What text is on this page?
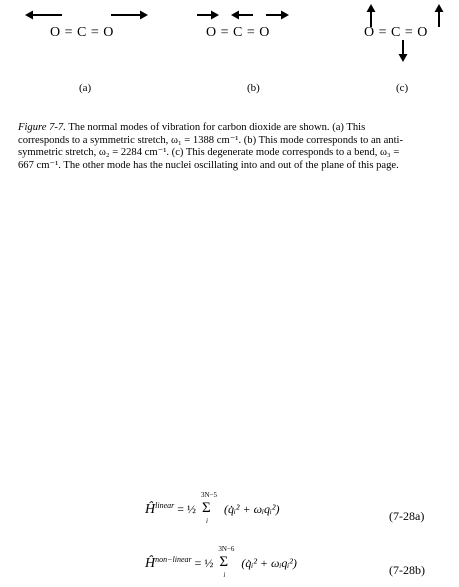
O = C = O
(a)
O = C = O
(b)
O = C = O
(c)
Figure 7-7. The normal modes of vibration for carbon dioxide are shown. (a) This
corresponds to a symmetric stretch, ω₁ = 1388 cm⁻¹. (b) This mode corresponds to an anti-
symmetric stretch, ω₂ = 2284 cm⁻¹. (c) This degenerate mode corresponds to a bend, ω₃ =
667 cm⁻¹. The other mode has the nuclei oscillating into and out of the plane of this page.
$Ĥ^{linear}$ = ½
3N−5
Σ
i
(q̇ᵢ² + ωᵢqᵢ²)	(7-28a)
$Ĥ^{non-linear}$ = ½
3N−6
Σ
i
(q̇ᵢ² + ωᵢqᵢ²)	(7-28b)
